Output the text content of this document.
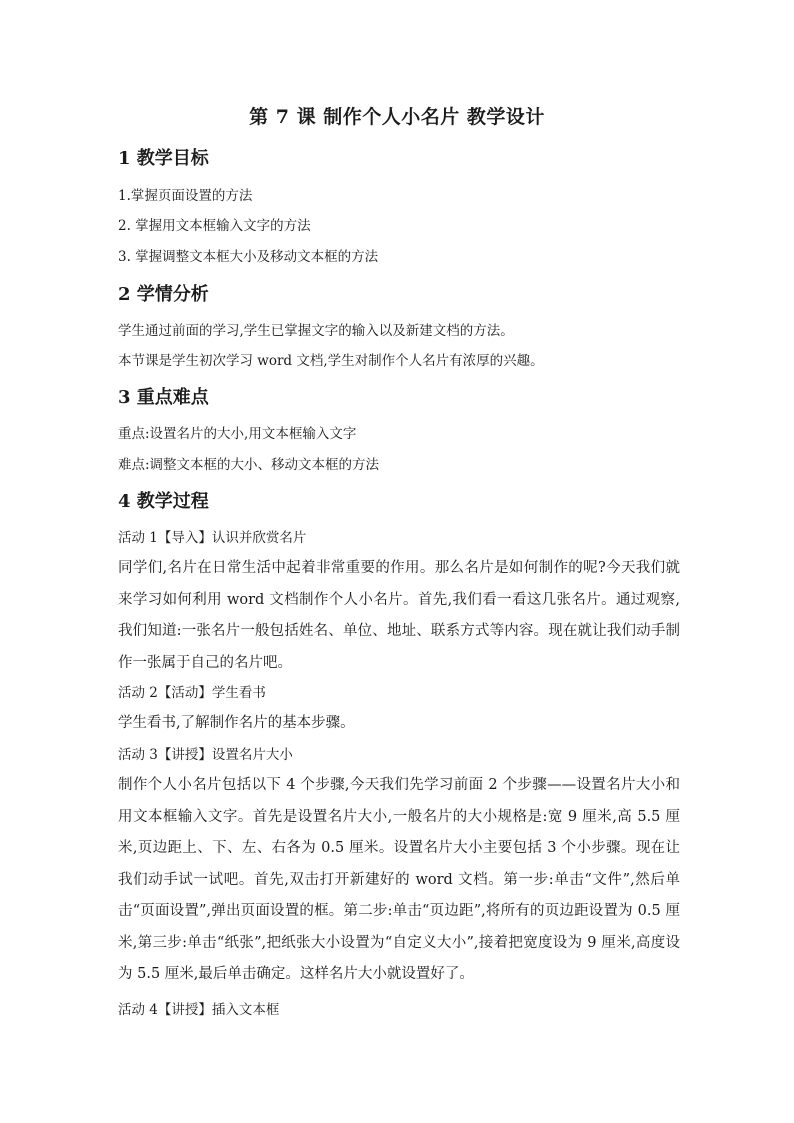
第 7 课 制作个人小名片 教学设计
1 教学目标
1.掌握页面设置的方法
2. 掌握用文本框输入文字的方法
3. 掌握调整文本框大小及移动文本框的方法
2 学情分析
学生通过前面的学习,学生已掌握文字的输入以及新建文档的方法。
本节课是学生初次学习 word 文档,学生对制作个人名片有浓厚的兴趣。
3 重点难点
重点:设置名片的大小,用文本框输入文字
难点:调整文本框的大小、移动文本框的方法
4 教学过程
活动 1【导入】认识并欣赏名片
同学们,名片在日常生活中起着非常重要的作用。那么名片是如何制作的呢?今天我们就来学习如何利用 word 文档制作个人小名片。首先,我们看一看这几张名片。通过观察,我们知道:一张名片一般包括姓名、单位、地址、联系方式等内容。现在就让我们动手制作一张属于自己的名片吧。
活动 2【活动】学生看书
学生看书,了解制作名片的基本步骤。
活动 3【讲授】设置名片大小
制作个人小名片包括以下 4 个步骤,今天我们先学习前面 2 个步骤——设置名片大小和用文本框输入文字。首先是设置名片大小,一般名片的大小规格是:宽 9 厘米,高 5.5 厘米,页边距上、下、左、右各为 0.5 厘米。设置名片大小主要包括 3 个小步骤。现在让我们动手试一试吧。首先,双击打开新建好的 word 文档。第一步:单击“文件”,然后单击“页面设置”,弹出页面设置的框。第二步:单击“页边距”,将所有的页边距设置为 0.5 厘米,第三步:单击“纸张”,把纸张大小设置为“自定义大小”,接着把宽度设为 9 厘米,高度设为 5.5 厘米,最后单击确定。这样名片大小就设置好了。
活动 4【讲授】插入文本框
